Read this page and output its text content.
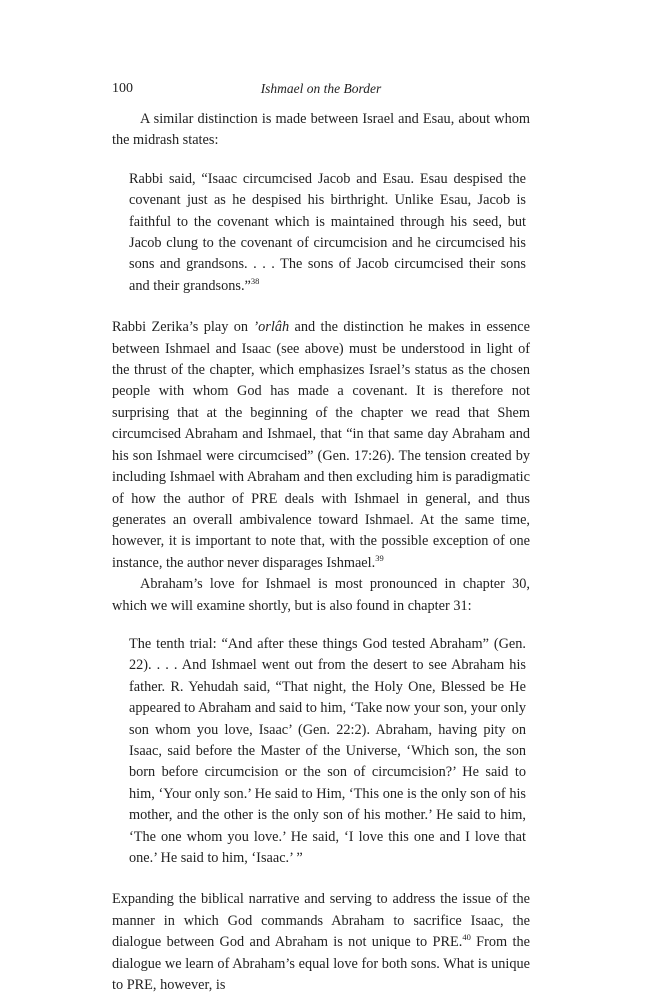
100	Ishmael on the Border

A similar distinction is made between Israel and Esau, about whom the midrash states:

Rabbi said, “Isaac circumcised Jacob and Esau. Esau despised the covenant just as he despised his birthright. Unlike Esau, Jacob is faithful to the covenant which is maintained through his seed, but Jacob clung to the covenant of circumcision and he circumcised his sons and grandsons. . . . The sons of Jacob circumcised their sons and their grandsons.”$^{38}$

Rabbi Zerika’s play on ’orlâh and the distinction he makes in essence between Ishmael and Isaac (see above) must be understood in light of the thrust of the chapter, which emphasizes Israel’s status as the chosen people with whom God has made a covenant. It is therefore not surprising that at the beginning of the chapter we read that Shem circumcised Abraham and Ishmael, that “in that same day Abraham and his son Ishmael were circumcised” (Gen. 17:26). The tension created by including Ishmael with Abraham and then excluding him is paradigmatic of how the author of PRE deals with Ishmael in general, and thus generates an overall ambivalence toward Ishmael. At the same time, however, it is important to note that, with the possible exception of one instance, the author never disparages Ishmael.$^{39}$

Abraham’s love for Ishmael is most pronounced in chapter 30, which we will examine shortly, but is also found in chapter 31:

The tenth trial: “And after these things God tested Abraham” (Gen. 22). . . . And Ishmael went out from the desert to see Abraham his father. R. Yehudah said, “That night, the Holy One, Blessed be He appeared to Abraham and said to him, ‘Take now your son, your only son whom you love, Isaac’ (Gen. 22:2). Abraham, having pity on Isaac, said before the Master of the Universe, ‘Which son, the son born before circumcision or the son of circumcision?’ He said to him, ‘Your only son.’ He said to Him, ‘This one is the only son of his mother, and the other is the only son of his mother.’ He said to him, ‘The one whom you love.’ He said, ‘I love this one and I love that one.’ He said to him, ‘Isaac.’ ”

Expanding the biblical narrative and serving to address the issue of the manner in which God commands Abraham to sacrifice Isaac, the dialogue between God and Abraham is not unique to PRE.$^{40}$ From the dialogue we learn of Abraham’s equal love for both sons. What is unique to PRE, however, is
